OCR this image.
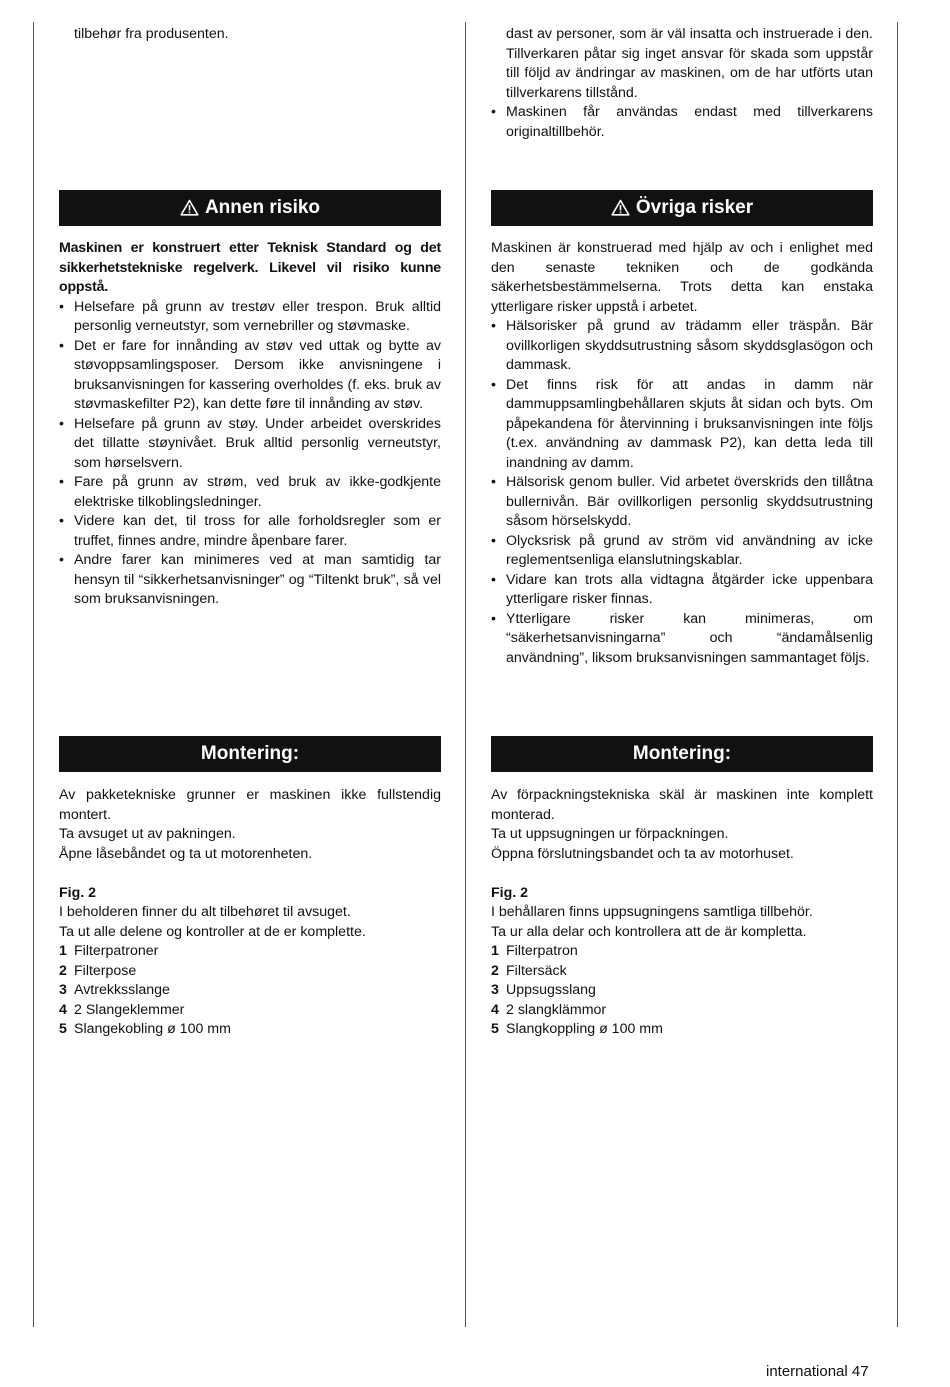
tilbehør fra produsenten.

Annen risiko

Maskinen er konstruert etter Teknisk Standard og det sikkerhetstekniske regelverk. Likevel vil risiko kunne oppstå.

• Helsefare på grunn av trestøv eller trespon. Bruk alltid personlig verneutstyr, som vernebriller og støvmaske.
• Det er fare for innånding av støv ved uttak og bytte av støvoppsamlingsposer. Dersom ikke anvisningene i bruksanvisningen for kassering overholdes (f. eks. bruk av støvmaskefilter P2), kan dette føre til innånding av støv.
• Helsefare på grunn av støy. Under arbeidet overskrides det tillatte støynivået. Bruk alltid personlig verneutstyr, som hørselsvern.
• Fare på grunn av strøm, ved bruk av ikke-godkjente elektriske tilkoblingsledninger.
• Videre kan det, til tross for alle forholdsregler som er truffet, finnes andre, mindre åpenbare farer.
• Andre farer kan minimeres ved at man samtidig tar hensyn til “sikkerhetsanvisninger” og “Tiltenkt bruk”, så vel som bruksanvisningen.
Montering:

Av pakketekniske grunner er maskinen ikke fullstendig montert.

Ta avsuget ut av pakningen.

Åpne låsebåndet og ta ut motorenheten.

Fig. 2

I beholderen finner du alt tilbehøret til avsuget.

Ta ut alle delene og kontroller at de er komplette.

1 Filterpatroner

2 Filterpose

3 Avtrekksslange

4 2 Slangeklemmer

5 Slangekobling ø 100 mm

dast av personer, som är väl insatta och instruerade i den. Tillverkaren påtar sig inget ansvar för skada som uppstår till följd av ändringar av maskinen, om de har utförts utan tillverkarens tillstånd.

• Maskinen får användas endast med tillverkarens originaltillbehör.
Övriga risker

Maskinen är konstruerad med hjälp av och i enlighet med den senaste tekniken och de godkända säkerhetsbestämmelserna. Trots detta kan enstaka ytterligare risker uppstå i arbetet.

• Hälsorisker på grund av trädamm eller träspån. Bär ovillkorligen skyddsutrustning såsom skyddsglasögon och dammask.
• Det finns risk för att andas in damm när dammuppsamlingbehållaren skjuts åt sidan och byts. Om påpekandena för återvinning i bruksanvisningen inte följs (t.ex. användning av dammask P2), kan detta leda till inandning av damm.
• Hälsorisk genom buller. Vid arbetet överskrids den tillåtna bullernivån. Bär ovillkorligen personlig skyddsutrustning såsom hörselskydd.
• Olycksrisk på grund av ström vid användning av icke reglementsenliga elanslutningskablar.
• Vidare kan trots alla vidtagna åtgärder icke uppenbara ytterligare risker finnas.
• Ytterligare risker kan minimeras, om “säkerhetsanvisningarna” och “ändamålsenlig användning”, liksom bruksanvisningen sammantaget följs.
Montering:

Av förpackningstekniska skäl är maskinen inte komplett monterad.

Ta ut uppsugningen ur förpackningen.

Öppna förslutningsbandet och ta av motorhuset.

Fig. 2

I behållaren finns uppsugningens samtliga tillbehör.

Ta ur alla delar och kontrollera att de är kompletta.

1 Filterpatron

2 Filtersäck

3 Uppsugsslang

4 2 slangklämmor

5 Slangkoppling ø 100 mm

international 47
